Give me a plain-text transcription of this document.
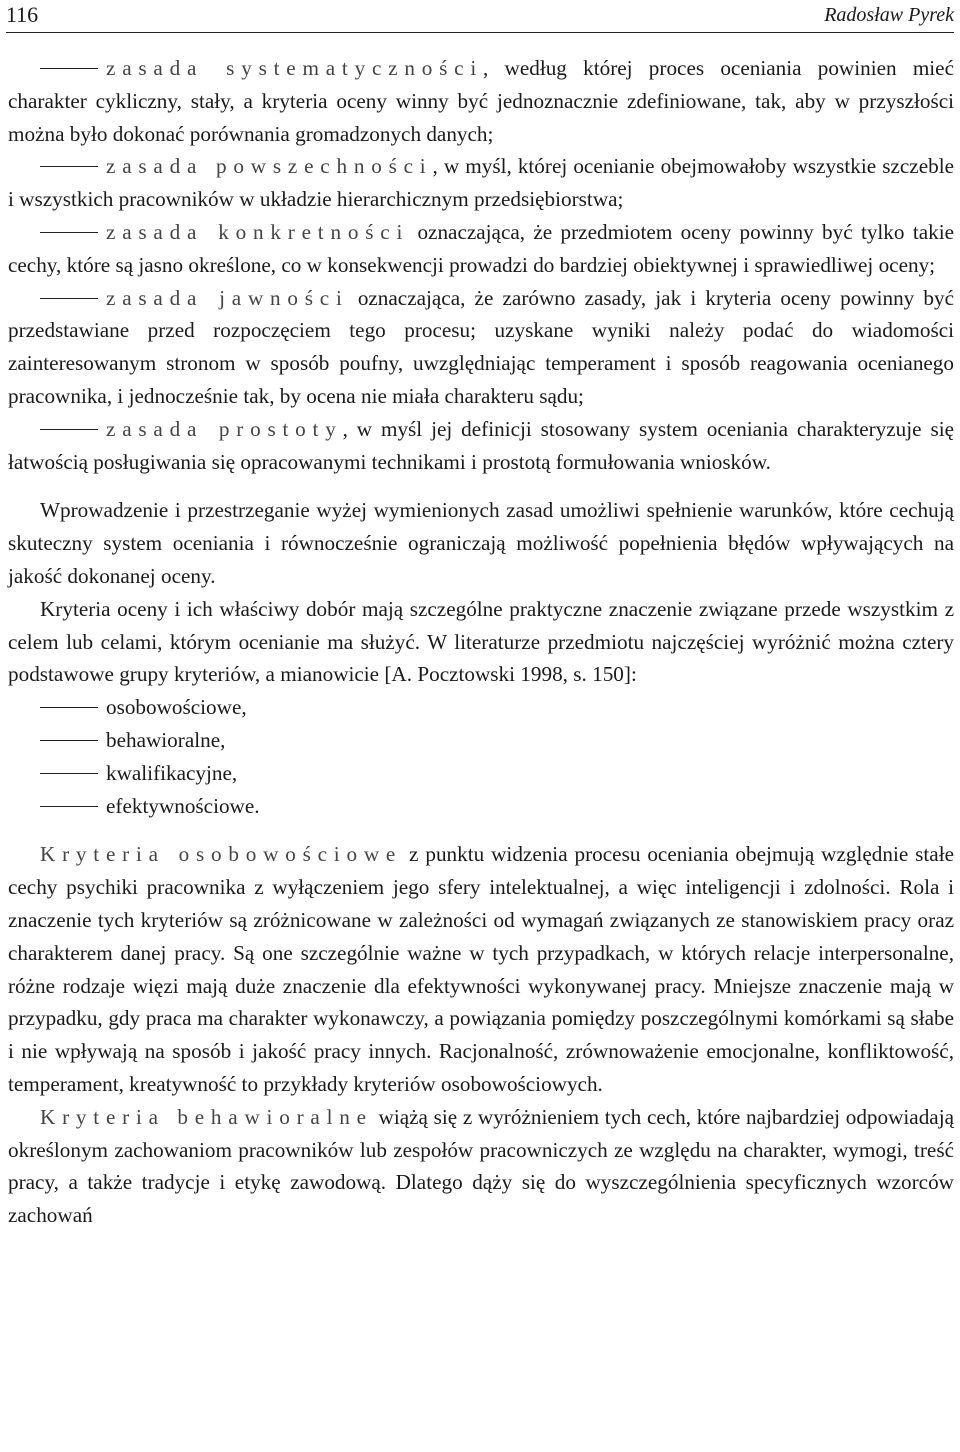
116	Radosław Pyrek

zasada systematyczności, według której proces oceniania powinien mieć charakter cykliczny, stały, a kryteria oceny winny być jednoznacznie zdefiniowane, tak, aby w przyszłości można było dokonać porównania gromadzonych danych;

zasada powszechności, w myśl, której ocenianie obejmowałoby wszystkie szczeble i wszystkich pracowników w układzie hierarchicznym przedsiębiorstwa;

zasada konkretności oznaczająca, że przedmiotem oceny powinny być tylko takie cechy, które są jasno określone, co w konsekwencji prowadzi do bardziej obiektywnej i sprawiedliwej oceny;

zasada jawności oznaczająca, że zarówno zasady, jak i kryteria oceny powinny być przedstawiane przed rozpoczęciem tego procesu; uzyskane wyniki należy podać do wiadomości zainteresowanym stronom w sposób poufny, uwzględniając temperament i sposób reagowania ocenianego pracownika, i jednocześnie tak, by ocena nie miała charakteru sądu;

zasada prostoty, w myśl jej definicji stosowany system oceniania charakteryzuje się łatwością posługiwania się opracowanymi technikami i prostotą formułowania wniosków.

Wprowadzenie i przestrzeganie wyżej wymienionych zasad umożliwi spełnienie warunków, które cechują skuteczny system oceniania i równocześnie ograniczają możliwość popełnienia błędów wpływających na jakość dokonanej oceny.

Kryteria oceny i ich właściwy dobór mają szczególne praktyczne znaczenie związane przede wszystkim z celem lub celami, którym ocenianie ma służyć. W literaturze przedmiotu najczęściej wyróżnić można cztery podstawowe grupy kryteriów, a mianowicie [A. Pocztowski 1998, s. 150]:

osobowościowe,

behawioralne,

kwalifikacyjne,

efektywnościowe.

Kryteria osobowościowe z punktu widzenia procesu oceniania obejmują względnie stałe cechy psychiki pracownika z wyłączeniem jego sfery intelektualnej, a więc inteligencji i zdolności. Rola i znaczenie tych kryteriów są zróżnicowane w zależności od wymagań związanych ze stanowiskiem pracy oraz charakterem danej pracy. Są one szczególnie ważne w tych przypadkach, w których relacje interpersonalne, różne rodzaje więzi mają duże znaczenie dla efektywności wykonywanej pracy. Mniejsze znaczenie mają w przypadku, gdy praca ma charakter wykonawczy, a powiązania pomiędzy poszczególnymi komórkami są słabe i nie wpływają na sposób i jakość pracy innych. Racjonalność, zrównoważenie emocjonalne, konfliktowość, temperament, kreatywność to przykłady kryteriów osobowościowych.

Kryteria behawioralne wiążą się z wyróżnieniem tych cech, które najbardziej odpowiadają określonym zachowaniom pracowników lub zespołów pracowniczych ze względu na charakter, wymogi, treść pracy, a także tradycje i etykę zawodową. Dlatego dąży się do wyszczególnienia specyficznych wzorców zachowań
